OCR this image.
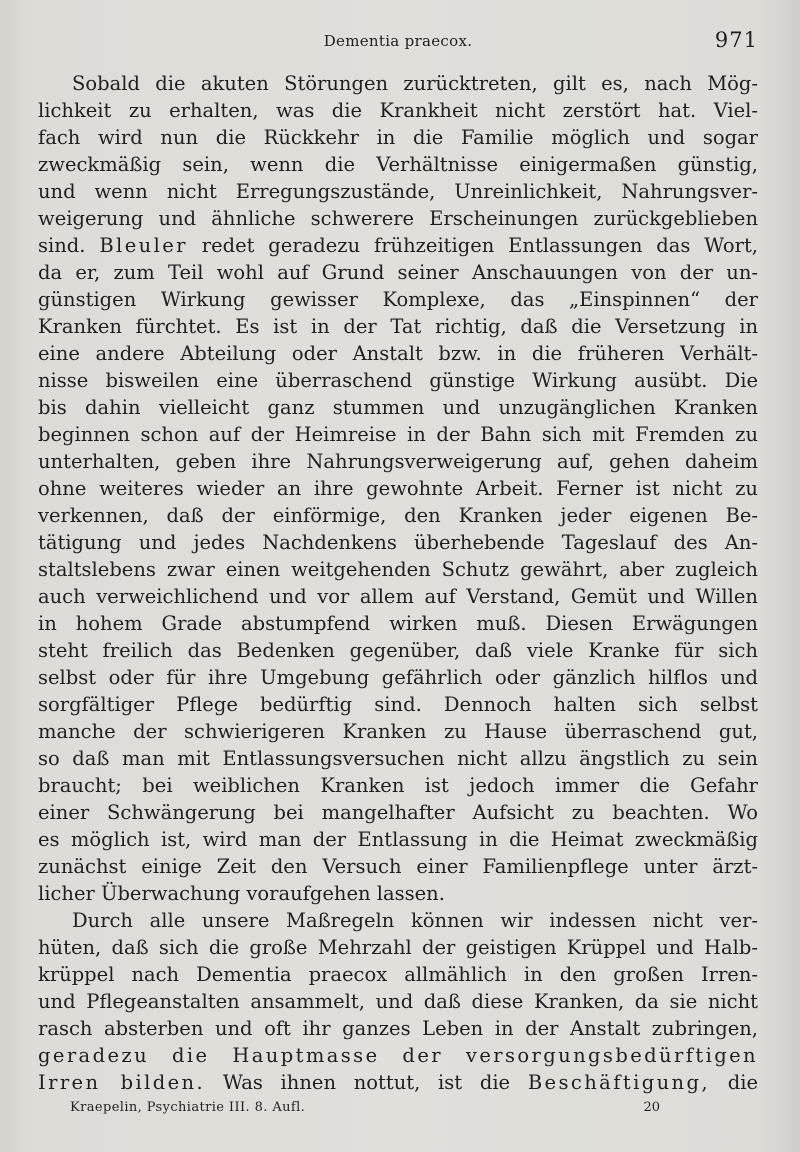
Dementia praecox.	971
Sobald die akuten Störungen zurücktreten, gilt es, nach Mög-
lichkeit zu erhalten, was die Krankheit nicht zerstört hat. Viel-
fach wird nun die Rückkehr in die Familie möglich und sogar
zweckmäßig sein, wenn die Verhältnisse einigermaßen günstig,
und wenn nicht Erregungszustände, Unreinlichkeit, Nahrungsver-
weigerung und ähnliche schwerere Erscheinungen zurückgeblieben
sind. Bleuler redet geradezu frühzeitigen Entlassungen das Wort,
da er, zum Teil wohl auf Grund seiner Anschauungen von der un-
günstigen Wirkung gewisser Komplexe, das „Einspinnen“ der
Kranken fürchtet. Es ist in der Tat richtig, daß die Versetzung in
eine andere Abteilung oder Anstalt bzw. in die früheren Verhält-
nisse bisweilen eine überraschend günstige Wirkung ausübt. Die
bis dahin vielleicht ganz stummen und unzugänglichen Kranken
beginnen schon auf der Heimreise in der Bahn sich mit Fremden zu
unterhalten, geben ihre Nahrungsverweigerung auf, gehen daheim
ohne weiteres wieder an ihre gewohnte Arbeit. Ferner ist nicht zu
verkennen, daß der einförmige, den Kranken jeder eigenen Be-
tätigung und jedes Nachdenkens überhebende Tageslauf des An-
staltslebens zwar einen weitgehenden Schutz gewährt, aber zugleich
auch verweichlichend und vor allem auf Verstand, Gemüt und Willen
in hohem Grade abstumpfend wirken muß. Diesen Erwägungen
steht freilich das Bedenken gegenüber, daß viele Kranke für sich
selbst oder für ihre Umgebung gefährlich oder gänzlich hilflos und
sorgfältiger Pflege bedürftig sind. Dennoch halten sich selbst
manche der schwierigeren Kranken zu Hause überraschend gut,
so daß man mit Entlassungsversuchen nicht allzu ängstlich zu sein
braucht; bei weiblichen Kranken ist jedoch immer die Gefahr
einer Schwängerung bei mangelhafter Aufsicht zu beachten. Wo
es möglich ist, wird man der Entlassung in die Heimat zweckmäßig
zunächst einige Zeit den Versuch einer Familienpflege unter ärzt-
licher Überwachung voraufgehen lassen.
Durch alle unsere Maßregeln können wir indessen nicht ver-
hüten, daß sich die große Mehrzahl der geistigen Krüppel und Halb-
krüppel nach Dementia praecox allmählich in den großen Irren-
und Pflegeanstalten ansammelt, und daß diese Kranken, da sie nicht
rasch absterben und oft ihr ganzes Leben in der Anstalt zubringen,
geradezu die Hauptmasse der versorgungsbedürftigen
Irren bilden. Was ihnen nottut, ist die Beschäftigung, die
Kraepelin, Psychiatrie III. 8. Aufl.	20
